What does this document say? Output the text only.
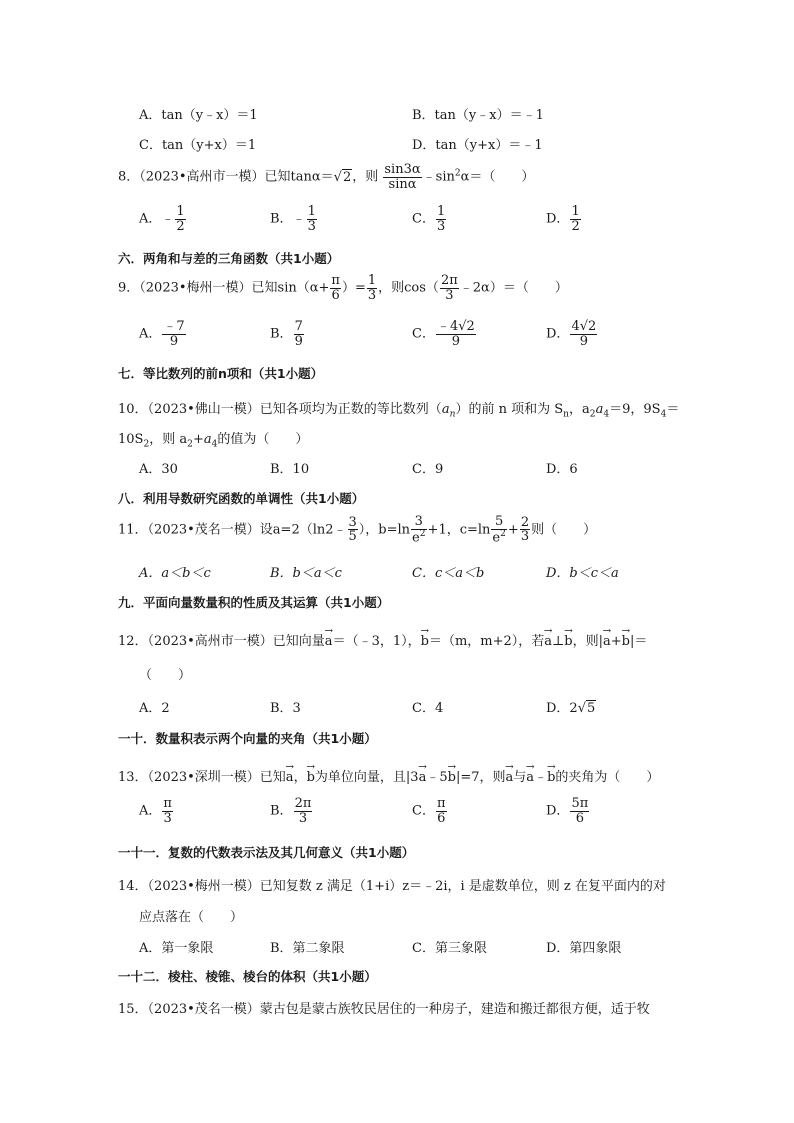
A．tan（y﹣x）＝1	B．tan（y﹣x）＝﹣1
C．tan（y+x）＝1	D．tan（y+x）＝﹣1
8．（2023•高州市一模）已知tanα＝√2，则 $\frac{\sin 3\alpha}{\sin\alpha}$ $﹣\sin^2\alpha=$（　　）
A．﹣ $\frac{1}{2}$	B．﹣ $\frac{1}{3}$	C． $\frac{1}{3}$	D． $\frac{1}{2}$
六．两角和与差的三角函数（共1小题）
9．（2023•梅州一模）已知$\sin(\alpha+ \frac{\pi}{6}$ ）= $\frac{1}{3}$ ，则$\cos( \frac{2\pi}{3}$ ﹣2α）＝（　　）
A． $\frac{﹣7}{9}$	B． $\frac{7}{9}$	C． $\frac{﹣4√2}{9}$	D． $\frac{4√2}{9}$
七．等比数列的前n项和（共1小题）
10．（2023•佛山一模）已知各项均为正数的等比数列$(a_n)$的前 n 项和为 $S_n$，$a_2a_4=9$，$9S_4=$
$10S_2$，则 $a_2+a_4$的值为（　　）
A．30	B．10	C．9	D．6
八．利用导数研究函数的单调性（共1小题）
11．（2023•茂名一模）设a=2（ln2﹣ $\frac{3}{5}$ ），$b=\ln \frac{3}{e^2} +1$，$c=\ln \frac{5}{e^2} + \frac{2}{3}$ 则（　　）
A．a＜b＜c	B．b＜a＜c	C．c＜a＜b	D．b＜c＜a
九．平面向量数量积的性质及其运算（共1小题）
12．（2023•高州市一模）已知向量→ a＝（﹣3，1），→ b＝（m，m+2），若→ a⊥→ b，则|→ a+→ b|＝
（　　）
A．2	B．3	C．4	D．2√5
一十．数量积表示两个向量的夹角（共1小题）
13．（2023•深圳一模）已知→ a，→ b为单位向量，且|3→ a﹣5→ b|=7，则→ a与→ a﹣→ b的夹角为（　　）
A． $\frac{\pi}{3}$	B． $\frac{2\pi}{3}$	C． $\frac{\pi}{6}$	D． $\frac{5\pi}{6}$
一十一．复数的代数表示法及其几何意义（共1小题）
14．（2023•梅州一模）已知复数 z 满足（1+i）z＝﹣2i，i 是虚数单位，则 z 在复平面内的对
应点落在（　　）
A．第一象限	B．第二象限	C．第三象限	D．第四象限
一十二．棱柱、棱锥、棱台的体积（共1小题）
15．（2023•茂名一模）蒙古包是蒙古族牧民居住的一种房子，建造和搬迁都很方便，适于牧
